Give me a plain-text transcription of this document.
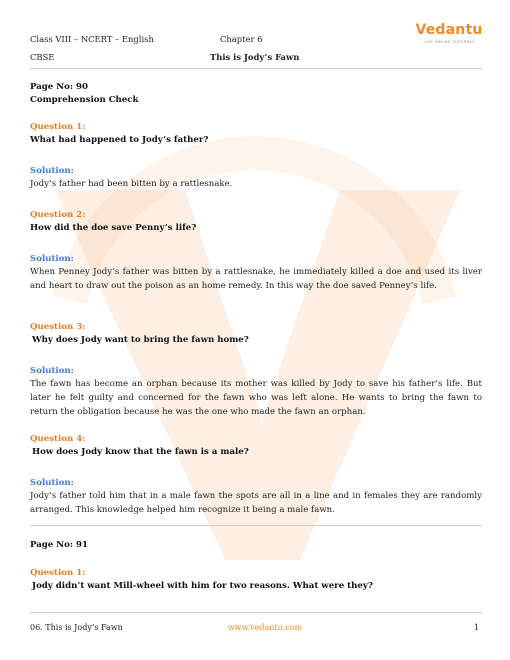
Class VIII – NCERT – English	Chapter 6
CBSE	This is Jody’s Fawn
Vedantu
LIVE ONLINE TUTORING
Page No: 90
Comprehension Check
Question 1:
What had happened to Jody’s father?
Solution:
Jody’s father had been bitten by a rattlesnake.
Question 2:
How did the doe save Penny’s life?
Solution:
When Penney Jody’s father was bitten by a rattlesnake, he immediately killed a doe and used its liver and heart to draw out the poison as an home remedy. In this way the doe saved Penney’s life.
Question 3:
Why does Jody want to bring the fawn home?
Solution:
The fawn has become an orphan because its mother was killed by Jody to save his father’s life. But later he felt guilty and concerned for the fawn who was left alone. He wants to bring the fawn to return the obligation because he was the one who made the fawn an orphan.
Question 4:
How does Jody know that the fawn is a male?
Solution:
Jody’s father told him that in a male fawn the spots are all in a line and in females they are randomly arranged. This knowledge helped him recognize it being a male fawn.
Page No: 91
Question 1:
Jody didn’t want Mill-wheel with him for two reasons. What were they?
06. This is Jody’s Fawn	www.vedantu.com	1
